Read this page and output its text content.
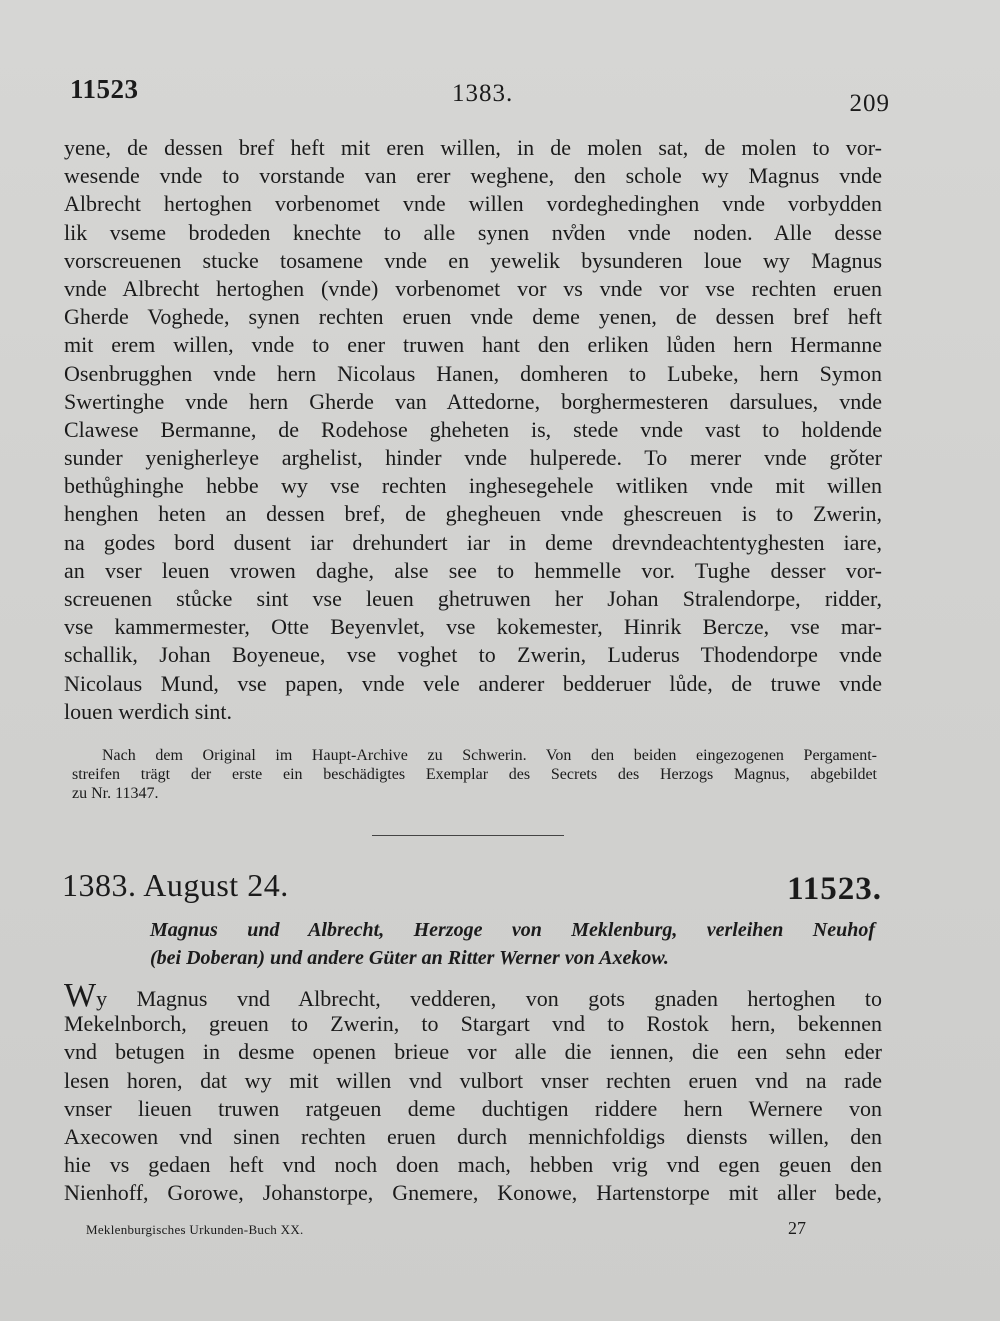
11523	1383.	209
yene, de dessen bref heft mit eren willen, in de molen sat, de molen to vor-
wesende vnde to vorstande van erer weghene, den schole wy Magnus vnde
Albrecht hertoghen vorbenomet vnde willen vordeghedinghen vnde vorbydden
lik vseme brodeden knechte to alle synen nv̊den vnde noden. Alle desse
vorscreuenen stucke tosamene vnde en yewelik bysunderen loue wy Magnus
vnde Albrecht hertoghen (vnde) vorbenomet vor vs vnde vor vse rechten eruen
Gherde Voghede, synen rechten eruen vnde deme yenen, de dessen bref heft
mit erem willen, vnde to ener truwen hant den erliken lůden hern Hermanne
Osenbrugghen vnde hern Nicolaus Hanen, domheren to Lubeke, hern Symon
Swertinghe vnde hern Gherde van Attedorne, borghermesteren darsulues, vnde
Clawese Bermanne, de Rodehose gheheten is, stede vnde vast to holdende
sunder yenigherleye arghelist, hinder vnde hulperede. To merer vnde grǒter
bethůghinghe hebbe wy vse rechten inghesegehele witliken vnde mit willen
henghen heten an dessen bref, de ghegheuen vnde ghescreuen is to Zwerin,
na godes bord dusent iar drehundert iar in deme drevndeachtentyghesten iare,
an vser leuen vrowen daghe, alse see to hemmelle vor. Tughe desser vor-
screuenen stůcke sint vse leuen ghetruwen her Johan Stralendorpe, ridder,
vse kammermester, Otte Beyenvlet, vse kokemester, Hinrik Bercze, vse mar-
schallik, Johan Boyeneue, vse voghet to Zwerin, Luderus Thodendorpe vnde
Nicolaus Mund, vse papen, vnde vele anderer bedderuer lůde, de truwe vnde
louen werdich sint.
Nach dem Original im Haupt-Archive zu Schwerin. Von den beiden eingezogenen Pergament-
streifen trägt der erste ein beschädigtes Exemplar des Secrets des Herzogs Magnus, abgebildet
zu Nr. 11347.
1383. August 24.	11523.
Magnus und Albrecht, Herzoge von Meklenburg, verleihen Neuhof
(bei Doberan) und andere Güter an Ritter Werner von Axekow.
Wy Magnus vnd Albrecht, vedderen, von gots gnaden hertoghen to
Mekelnborch, greuen to Zwerin, to Stargart vnd to Rostok hern, bekennen
vnd betugen in desme openen brieue vor alle die iennen, die een sehn eder
lesen horen, dat wy mit willen vnd vulbort vnser rechten eruen vnd na rade
vnser lieuen truwen ratgeuen deme duchtigen riddere hern Wernere von
Axecowen vnd sinen rechten eruen durch mennichfoldigs diensts willen, den
hie vs gedaen heft vnd noch doen mach, hebben vrig vnd egen geuen den
Nienhoff, Gorowe, Johanstorpe, Gnemere, Konowe, Hartenstorpe mit aller bede,
Meklenburgisches Urkunden-Buch XX.	27
